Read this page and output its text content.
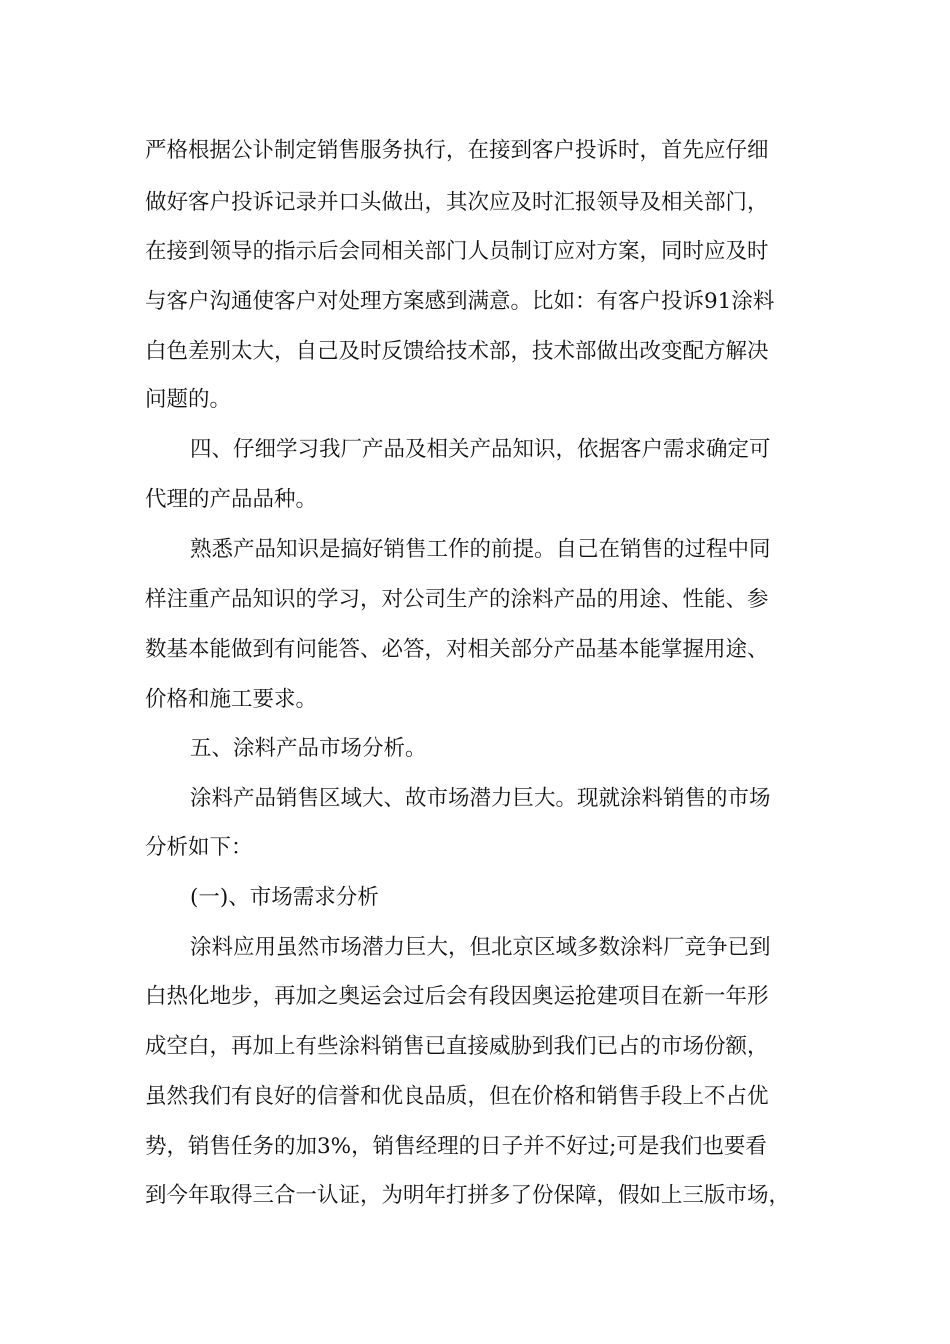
严格根据公讣制定销售服务执行，在接到客户投诉时，首先应仔细
做好客户投诉记录并口头做出，其次应及时汇报领导及相关部门，
在接到领导的指示后会同相关部门人员制订应对方案，同时应及时
与客户沟通使客户对处理方案感到满意。比如：有客户投诉91涂料
白色差别太大，自己及时反馈给技术部，技术部做出改变配方解决
问题的。
四、仔细学习我厂产品及相关产品知识，依据客户需求确定可
代理的产品品种。
熟悉产品知识是搞好销售工作的前提。自己在销售的过程中同
样注重产品知识的学习，对公司生产的涂料产品的用途、性能、参
数基本能做到有问能答、必答，对相关部分产品基本能掌握用途、
价格和施工要求。
五、涂料产品市场分析。
涂料产品销售区域大、故市场潜力巨大。现就涂料销售的市场
分析如下：
(一)、市场需求分析
涂料应用虽然市场潜力巨大，但北京区域多数涂料厂竞争已到
白热化地步，再加之奥运会过后会有段因奥运抢建项目在新一年形
成空白，再加上有些涂料销售已直接威胁到我们已占的市场份额，
虽然我们有良好的信誉和优良品质，但在价格和销售手段上不占优
势，销售任务的加3%，销售经理的日子并不好过;可是我们也要看
到今年取得三合一认证，为明年打拼多了份保障，假如上三版市场，
